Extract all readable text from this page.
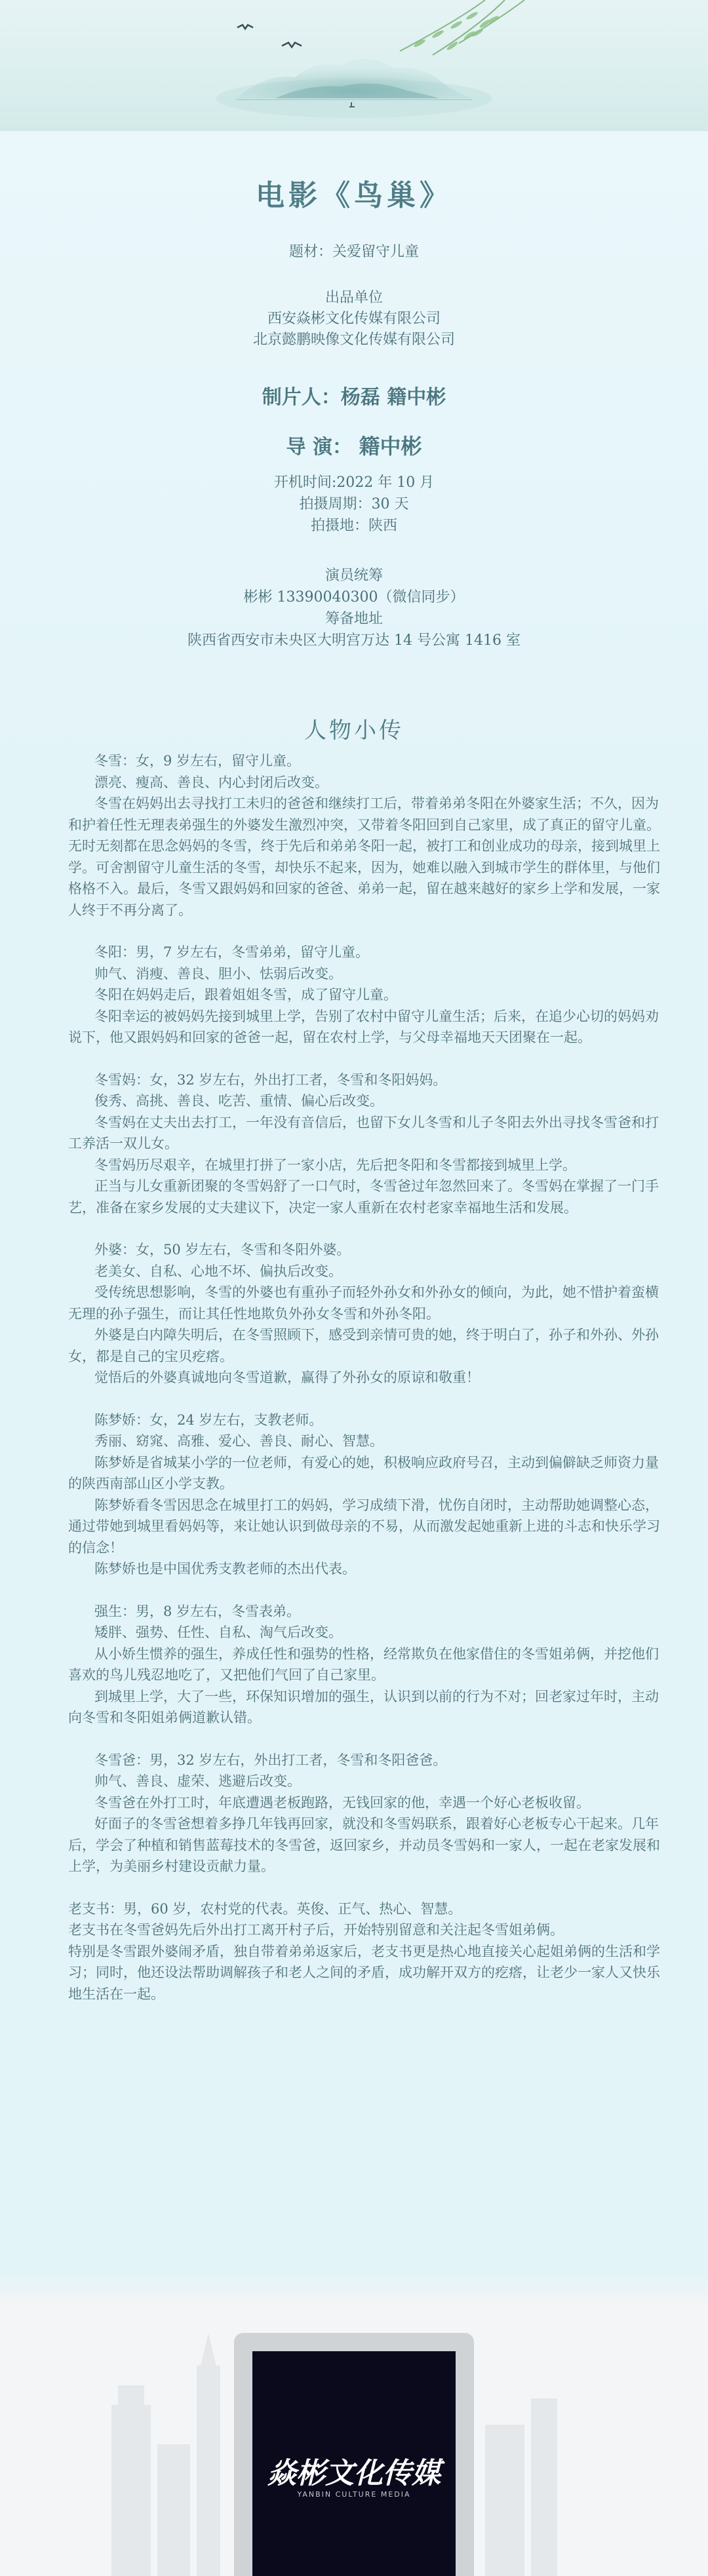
电影《鸟巢》
题材：关爱留守儿童
出品单位
西安焱彬文化传媒有限公司
北京懿鹏映像文化传媒有限公司
制片人：杨磊 籍中彬
导 演： 籍中彬
开机时间:2022 年 10 月
拍摄周期：30 天
拍摄地：陕西
演员统筹
彬彬 13390040300（微信同步）
筹备地址
陕西省西安市未央区大明宫万达 14 号公寓 1416 室
人物小传

冬雪：女，9 岁左右，留守儿童。

漂亮、瘦高、善良、内心封闭后改变。

冬雪在妈妈出去寻找打工未归的爸爸和继续打工后，带着弟弟冬阳在外婆家生活；不久，因为和护着任性无理表弟强生的外婆发生激烈冲突，又带着冬阳回到自己家里，成了真正的留守儿童。

无时无刻都在思念妈妈的冬雪，终于先后和弟弟冬阳一起，被打工和创业成功的母亲，接到城里上学。可舍割留守儿童生活的冬雪，却快乐不起来，因为，她难以融入到城市学生的群体里，与他们格格不入。最后，冬雪又跟妈妈和回家的爸爸、弟弟一起，留在越来越好的家乡上学和发展，一家人终于不再分离了。

冬阳：男，7 岁左右，冬雪弟弟，留守儿童。

帅气、消瘦、善良、胆小、怯弱后改变。

冬阳在妈妈走后，跟着姐姐冬雪，成了留守儿童。

冬阳幸运的被妈妈先接到城里上学，告别了农村中留守儿童生活；后来，在追少心切的妈妈劝说下，他又跟妈妈和回家的爸爸一起，留在农村上学，与父母幸福地天天团聚在一起。

冬雪妈：女，32 岁左右，外出打工者，冬雪和冬阳妈妈。

俊秀、高挑、善良、吃苦、重情、偏心后改变。

冬雪妈在丈夫出去打工，一年没有音信后，也留下女儿冬雪和儿子冬阳去外出寻找冬雪爸和打工养活一双儿女。

冬雪妈历尽艰辛，在城里打拼了一家小店，先后把冬阳和冬雪都接到城里上学。

正当与儿女重新团聚的冬雪妈舒了一口气时，冬雪爸过年忽然回来了。冬雪妈在掌握了一门手艺，准备在家乡发展的丈夫建议下，决定一家人重新在农村老家幸福地生活和发展。

外婆：女，50 岁左右，冬雪和冬阳外婆。

老美女、自私、心地不坏、偏执后改变。

受传统思想影响，冬雪的外婆也有重孙子而轻外孙女和外孙女的倾向，为此，她不惜护着蛮横无理的孙子强生，而让其任性地欺负外孙女冬雪和外孙冬阳。

外婆是白内障失明后，在冬雪照顾下，感受到亲情可贵的她，终于明白了，孙子和外孙、外孙女，都是自己的宝贝疙瘩。

觉悟后的外婆真诚地向冬雪道歉，赢得了外孙女的原谅和敬重！

陈梦娇：女，24 岁左右，支教老师。

秀丽、窈窕、高雅、爱心、善良、耐心、智慧。

陈梦娇是省城某小学的一位老师，有爱心的她，积极响应政府号召，主动到偏僻缺乏师资力量的陕西南部山区小学支教。

陈梦娇看冬雪因思念在城里打工的妈妈，学习成绩下滑，忧伤自闭时，主动帮助她调整心态，通过带她到城里看妈妈等，来让她认识到做母亲的不易，从而激发起她重新上进的斗志和快乐学习的信念！

陈梦娇也是中国优秀支教老师的杰出代表。

强生：男，8 岁左右，冬雪表弟。

矮胖、强势、任性、自私、淘气后改变。

从小娇生惯养的强生，养成任性和强势的性格，经常欺负在他家借住的冬雪姐弟俩，并挖他们喜欢的鸟儿残忍地吃了，又把他们气回了自己家里。

到城里上学，大了一些，环保知识增加的强生，认识到以前的行为不对；回老家过年时，主动向冬雪和冬阳姐弟俩道歉认错。

冬雪爸：男，32 岁左右，外出打工者，冬雪和冬阳爸爸。

帅气、善良、虚荣、逃避后改变。

冬雪爸在外打工时，年底遭遇老板跑路，无钱回家的他，幸遇一个好心老板收留。

好面子的冬雪爸想着多挣几年钱再回家，就没和冬雪妈联系，跟着好心老板专心干起来。几年后，学会了种植和销售蓝莓技术的冬雪爸，返回家乡，并动员冬雪妈和一家人，一起在老家发展和上学，为美丽乡村建设贡献力量。

老支书：男，60 岁，农村党的代表。英俊、正气、热心、智慧。

老支书在冬雪爸妈先后外出打工离开村子后，开始特别留意和关注起冬雪姐弟俩。

特别是冬雪跟外婆闹矛盾，独自带着弟弟返家后，老支书更是热心地直接关心起姐弟俩的生活和学习；同时，他还设法帮助调解孩子和老人之间的矛盾，成功解开双方的疙瘩，让老少一家人又快乐地生活在一起。

焱彬文化传媒
YANBIN CULTURE MEDIA
